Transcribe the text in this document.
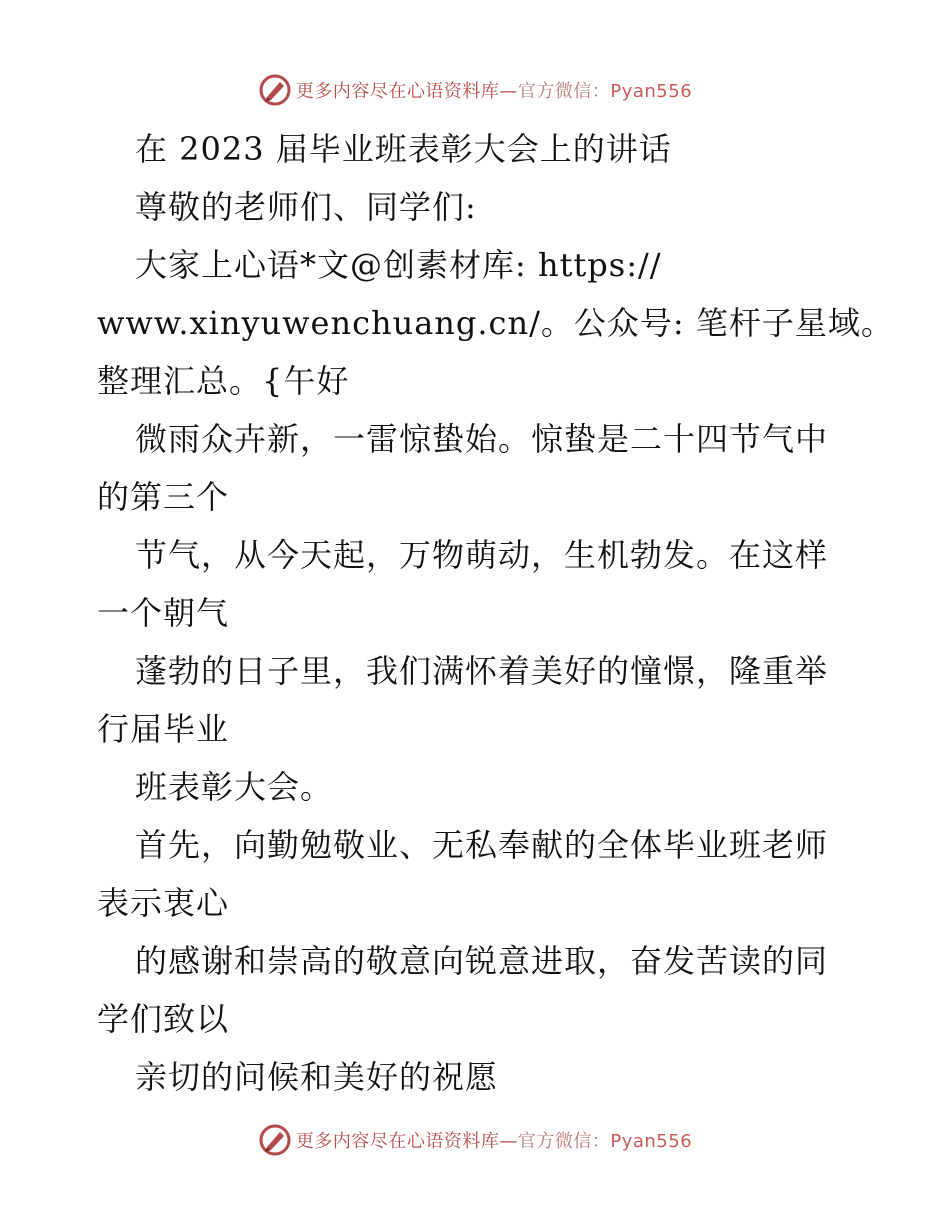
更多内容尽在心语资料库—官方微信：Pyan556
在 2023 届毕业班表彰大会上的讲话
尊敬的老师们、同学们:
大家上心语*文@创素材库: https://
www.xinyuwenchuang.cn/。公众号: 笔杆子星域。
整理汇总。{午好
微雨众卉新，一雷惊蛰始。惊蛰是二十四节气中
的第三个
节气，从今天起，万物萌动，生机勃发。在这样
一个朝气
蓬勃的日子里，我们满怀着美好的憧憬，隆重举
行届毕业
班表彰大会。
首先，向勤勉敬业、无私奉献的全体毕业班老师
表示衷心
的感谢和崇高的敬意向锐意进取，奋发苦读的同
学们致以
亲切的问候和美好的祝愿
更多内容尽在心语资料库—官方微信：Pyan556
